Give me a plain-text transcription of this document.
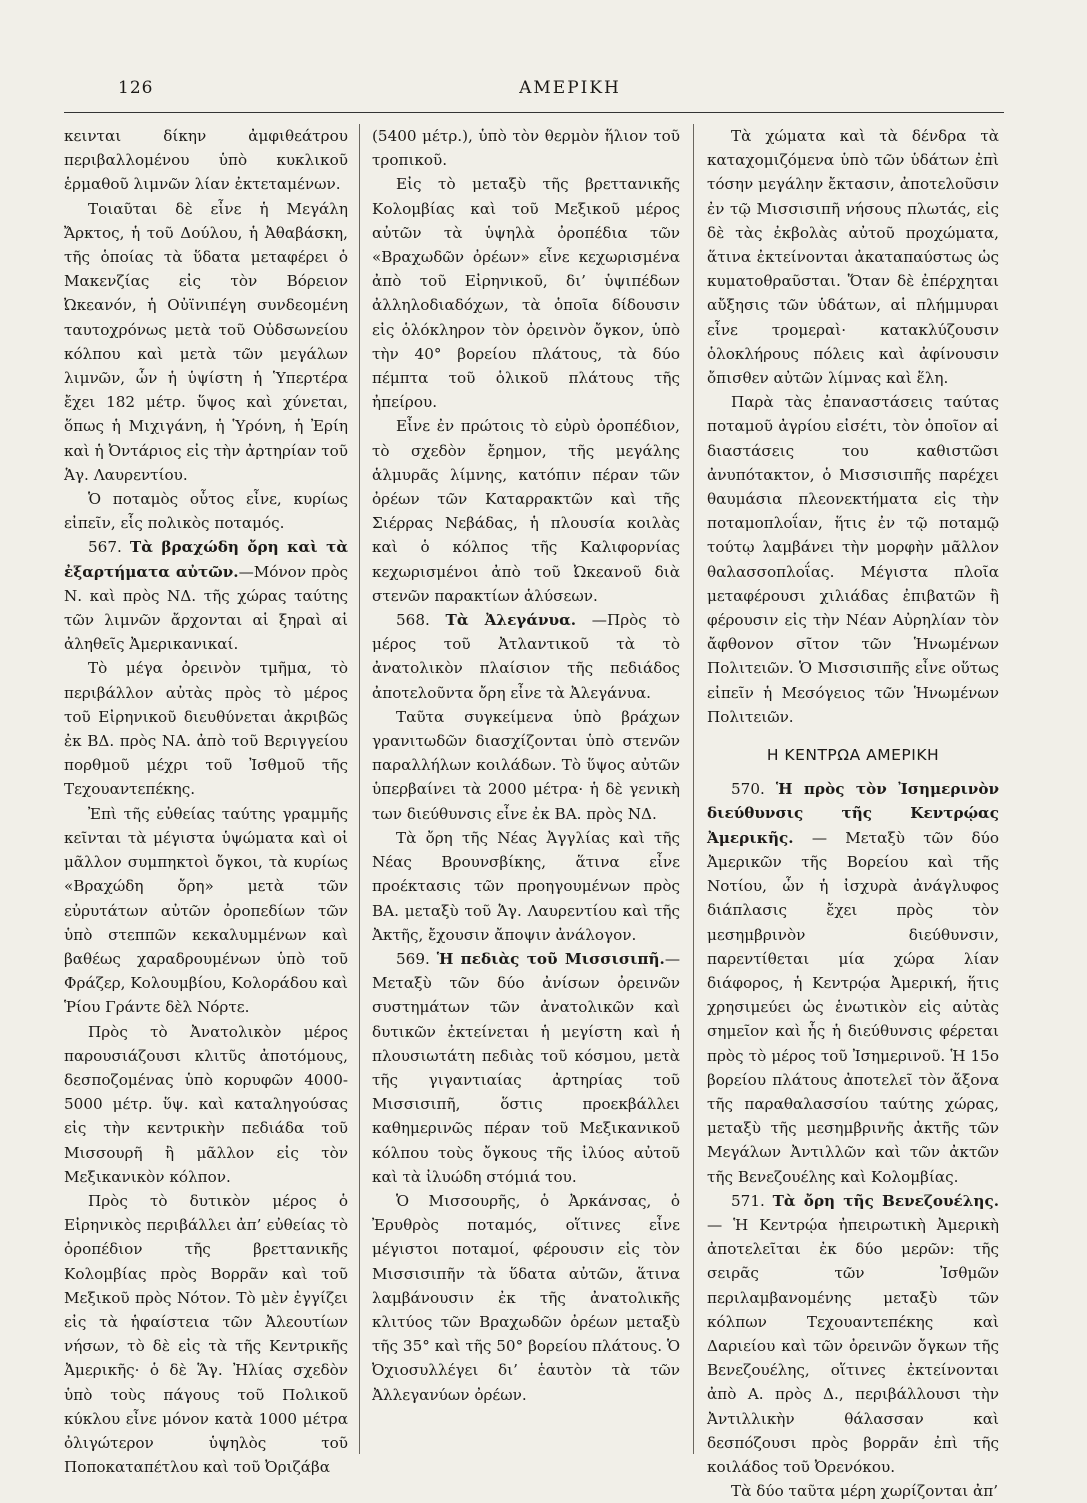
126	ΑΜΕΡΙΚΗ

κεινται δίκην ἀμφιθεάτρου περιβαλλομένου ὑπὸ κυκλικοῦ ἑρμαθοῦ λιμνῶν λίαν ἐκτεταμένων.

Τοιαῦται δὲ εἶνε ἡ Μεγάλη Ἄρκτος, ἡ τοῦ Δούλου, ἡ Ἀθαβάσκη, τῆς ὁποίας τὰ ὕδατα μεταφέρει ὁ Μακενζίας εἰς τὸν Βόρειον Ὠκεανόν, ἡ Οὐϊνιπέγη συνδεομένη ταυτοχρόνως μετὰ τοῦ Οὐδσωνείου κόλπου καὶ μετὰ τῶν μεγάλων λιμνῶν, ὧν ἡ ὑψίστη ἡ Ὑπερτέρα ἔχει 182 μέτρ. ὕψος καὶ χύνεται, ὅπως ἡ Μιχιγάνη, ἡ Ὑρόνη, ἡ Ἐρίη καὶ ἡ Ὀντάριος εἰς τὴν ἀρτηρίαν τοῦ Ἁγ. Λαυρεντίου.

Ὁ ποταμὸς οὗτος εἶνε, κυρίως εἰπεῖν, εἷς πολικὸς ποταμός.

567. Τὰ βραχώδη ὄρη καὶ τὰ ἐξαρτήματα αὐτῶν.—Μόνον πρὸς Ν. καὶ πρὸς ΝΔ. τῆς χώρας ταύτης τῶν λιμνῶν ἄρχονται αἱ ξηραὶ αἱ ἀληθεῖς Ἀμερικανικαί.

Τὸ μέγα ὀρεινὸν τμῆμα, τὸ περιβάλλον αὐτὰς πρὸς τὸ μέρος τοῦ Εἰρηνικοῦ διευθύνεται ἀκριβῶς ἐκ ΒΔ. πρὸς ΝΑ. ἀπὸ τοῦ Βεριγγείου πορθμοῦ μέχρι τοῦ Ἰσθμοῦ τῆς Τεχουαντεπέκης.

Ἐπὶ τῆς εὐθείας ταύτης γραμμῆς κεῖνται τὰ μέγιστα ὑψώματα καὶ οἱ μᾶλλον συμπηκτοὶ ὄγκοι, τὰ κυρίως «Βραχώδη ὄρη» μετὰ τῶν εὐρυτάτων αὐτῶν ὀροπεδίων τῶν ὑπὸ στεππῶν κεκαλυμμένων καὶ βαθέως χαραδρουμένων ὑπὸ τοῦ Φράζερ, Κολουμβίου, Κολοράδου καὶ Ῥίου Γράντε δὲλ Νόρτε.

Πρὸς τὸ Ἀνατολικὸν μέρος παρουσιάζουσι κλιτῦς ἀποτόμους, δεσποζομένας ὑπὸ κορυφῶν 4000-5000 μέτρ. ὕψ. καὶ καταληγούσας εἰς τὴν κεντρικὴν πεδιάδα τοῦ Μισσουρῆ ἢ μᾶλλον εἰς τὸν Μεξικανικὸν κόλπον.

Πρὸς τὸ δυτικὸν μέρος ὁ Εἰρηνικὸς περιβάλλει ἀπ’ εὐθείας τὸ ὀροπέδιον τῆς βρεττανικῆς Κολομβίας πρὸς Βορρᾶν καὶ τοῦ Μεξικοῦ πρὸς Νότον. Τὸ μὲν ἐγγίζει εἰς τὰ ἡφαίστεια τῶν Ἀλεουτίων νήσων, τὸ δὲ εἰς τὰ τῆς Κεντρικῆς Ἀμερικῆς· ὁ δὲ Ἅγ. Ἠλίας σχεδὸν ὑπὸ τοὺς πάγους τοῦ Πολικοῦ κύκλου εἶνε μόνον κατὰ 1000 μέτρα ὀλιγώτερον ὑψηλὸς τοῦ Ποποκαταπέτλου καὶ τοῦ Ὀριζάβα

(5400 μέτρ.), ὑπὸ τὸν θερμὸν ἥλιον τοῦ τροπικοῦ.

Εἰς τὸ μεταξὺ τῆς βρεττανικῆς Κολομβίας καὶ τοῦ Μεξικοῦ μέρος αὐτῶν τὰ ὑψηλὰ ὀροπέδια τῶν «Βραχωδῶν ὀρέων» εἶνε κεχωρισμένα ἀπὸ τοῦ Εἰρηνικοῦ, δι’ ὑψιπέδων ἀλληλοδιαδόχων, τὰ ὁποῖα δίδουσιν εἰς ὁλόκληρον τὸν ὀρεινὸν ὄγκον, ὑπὸ τὴν 40° βορείου πλάτους, τὰ δύο πέμπτα τοῦ ὁλικοῦ πλάτους τῆς ἠπείρου.

Εἶνε ἐν πρώτοις τὸ εὐρὺ ὀροπέδιον, τὸ σχεδὸν ἔρημον, τῆς μεγάλης ἁλμυρᾶς λίμνης, κατόπιν πέραν τῶν ὀρέων τῶν Καταρρακτῶν καὶ τῆς Σιέρρας Νεβάδας, ἡ πλουσία κοιλὰς καὶ ὁ κόλπος τῆς Καλιφορνίας κεχωρισμένοι ἀπὸ τοῦ Ὠκεανοῦ διὰ στενῶν παρακτίων ἁλύσεων.

568. Τὰ Ἀλεγάνυα. —Πρὸς τὸ μέρος τοῦ Ἀτλαντικοῦ τὰ τὸ ἀνατολικὸν πλαίσιον τῆς πεδιάδος ἀποτελοῦντα ὄρη εἶνε τὰ Ἀλεγάνυα.

Ταῦτα συγκείμενα ὑπὸ βράχων γρανιτωδῶν διασχίζονται ὑπὸ στενῶν παραλλήλων κοιλάδων. Τὸ ὕψος αὐτῶν ὑπερβαίνει τὰ 2000 μέτρα· ἡ δὲ γενικὴ των διεύθυνσις εἶνε ἐκ ΒΑ. πρὸς ΝΔ.

Τὰ ὄρη τῆς Νέας Ἀγγλίας καὶ τῆς Νέας Βρουνσβίκης, ἅτινα εἶνε προέκτασις τῶν προηγουμένων πρὸς ΒΑ. μεταξὺ τοῦ Ἁγ. Λαυρεντίου καὶ τῆς Ἀκτῆς, ἔχουσιν ἄποψιν ἀνάλογον.

569. Ἡ πεδιὰς τοῦ Μισσισιπῆ.—Μεταξὺ τῶν δύο ἀνίσων ὀρεινῶν συστημάτων τῶν ἀνατολικῶν καὶ δυτικῶν ἐκτείνεται ἡ μεγίστη καὶ ἡ πλουσιωτάτη πεδιὰς τοῦ κόσμου, μετὰ τῆς γιγαντιαίας ἀρτηρίας τοῦ Μισσισιπῆ, ὅστις προεκβάλλει καθημερινῶς πέραν τοῦ Μεξικανικοῦ κόλπου τοὺς ὄγκους τῆς ἰλύος αὐτοῦ καὶ τὰ ἰλυώδη στόμιά του.

Ὁ Μισσουρῆς, ὁ Ἀρκάνσας, ὁ Ἐρυθρὸς ποταμός, οἵτινες εἶνε μέγιστοι ποταμοί, φέρουσιν εἰς τὸν Μισσισιπῆν τὰ ὕδατα αὐτῶν, ἅτινα λαμβάνουσιν ἐκ τῆς ἀνατολικῆς κλιτύος τῶν Βραχωδῶν ὀρέων μεταξὺ τῆς 35° καὶ τῆς 50° βορείου πλάτους. Ὁ Ὀχιοσυλλέγει δι’ ἑαυτὸν τὰ τῶν Ἀλλεγανύων ὀρέων.

Τὰ χώματα καὶ τὰ δένδρα τὰ καταχομιζόμενα ὑπὸ τῶν ὑδάτων ἐπὶ τόσην μεγάλην ἔκτασιν, ἀποτελοῦσιν ἐν τῷ Μισσισιπῆ νήσους πλωτάς, εἰς δὲ τὰς ἐκβολὰς αὐτοῦ προχώματα, ἅτινα ἐκτείνονται ἀκαταπαύστως ὡς κυματοθραῦσται. Ὅταν δὲ ἐπέρχηται αὔξησις τῶν ὑδάτων, αἱ πλήμμυραι εἶνε τρομεραὶ· κατακλύζουσιν ὁλοκλήρους πόλεις καὶ ἀφίνουσιν ὄπισθεν αὐτῶν λίμνας καὶ ἕλη.

Παρὰ τὰς ἐπαναστάσεις ταύτας ποταμοῦ ἀγρίου εἰσέτι, τὸν ὁποῖον αἱ διαστάσεις του καθιστῶσι ἀνυπότακτον, ὁ Μισσισιπῆς παρέχει θαυμάσια πλεονεκτήματα εἰς τὴν ποταμοπλοΐαν, ἥτις ἐν τῷ ποταμῷ τούτῳ λαμβάνει τὴν μορφὴν μᾶλλον θαλασσοπλοΐας. Μέγιστα πλοῖα μεταφέρουσι χιλιάδας ἐπιβατῶν ἢ φέρουσιν εἰς τὴν Νέαν Αὐρηλίαν τὸν ἄφθονον σῖτον τῶν Ἡνωμένων Πολιτειῶν. Ὁ Μισσισιπῆς εἶνε οὕτως εἰπεῖν ἡ Μεσόγειος τῶν Ἡνωμένων Πολιτειῶν.

Η ΚΕΝΤΡΩΑ ΑΜΕΡΙΚΗ

570. Ἡ πρὸς τὸν Ἰσημερινὸν διεύθυνσις τῆς Κεντρῴας Ἀμερικῆς. — Μεταξὺ τῶν δύο Ἀμερικῶν τῆς Βορείου καὶ τῆς Νοτίου, ὧν ἡ ἰσχυρὰ ἀνάγλυφος διάπλασις ἔχει πρὸς τὸν μεσημβρινὸν διεύθυνσιν, παρεντίθεται μία χώρα λίαν διάφορος, ἡ Κεντρῴα Ἀμερική, ἥτις χρησιμεύει ὡς ἑνωτικὸν εἰς αὐτὰς σημεῖον καὶ ἧς ἡ διεύθυνσις φέρεται πρὸς τὸ μέρος τοῦ Ἰσημερινοῦ. Ἡ 15ο βορείου πλάτους ἀποτελεῖ τὸν ἄξονα τῆς παραθαλασσίου ταύτης χώρας, μεταξὺ τῆς μεσημβρινῆς ἀκτῆς τῶν Μεγάλων Ἀντιλλῶν καὶ τῶν ἀκτῶν τῆς Βενεζουέλης καὶ Κολομβίας.

571. Τὰ ὄρη τῆς Βενεζουέλης. — Ἡ Κεντρῴα ἠπειρωτικὴ Ἀμερικὴ ἀποτελεῖται ἐκ δύο μερῶν: τῆς σειρᾶς τῶν Ἰσθμῶν περιλαμβανομένης μεταξὺ τῶν κόλπων Τεχουαντεπέκης καὶ Δαριείου καὶ τῶν ὀρεινῶν ὄγκων τῆς Βενεζουέλης, οἵτινες ἐκτείνονται ἀπὸ Α. πρὸς Δ., περιβάλλουσι τὴν Ἀντιλλικὴν θάλασσαν καὶ δεσπόζουσι πρὸς βορρᾶν ἐπὶ τῆς κοιλάδος τοῦ Ὀρενόκου.

Τὰ δύο ταῦτα μέρη χωρίζονται ἀπ’
